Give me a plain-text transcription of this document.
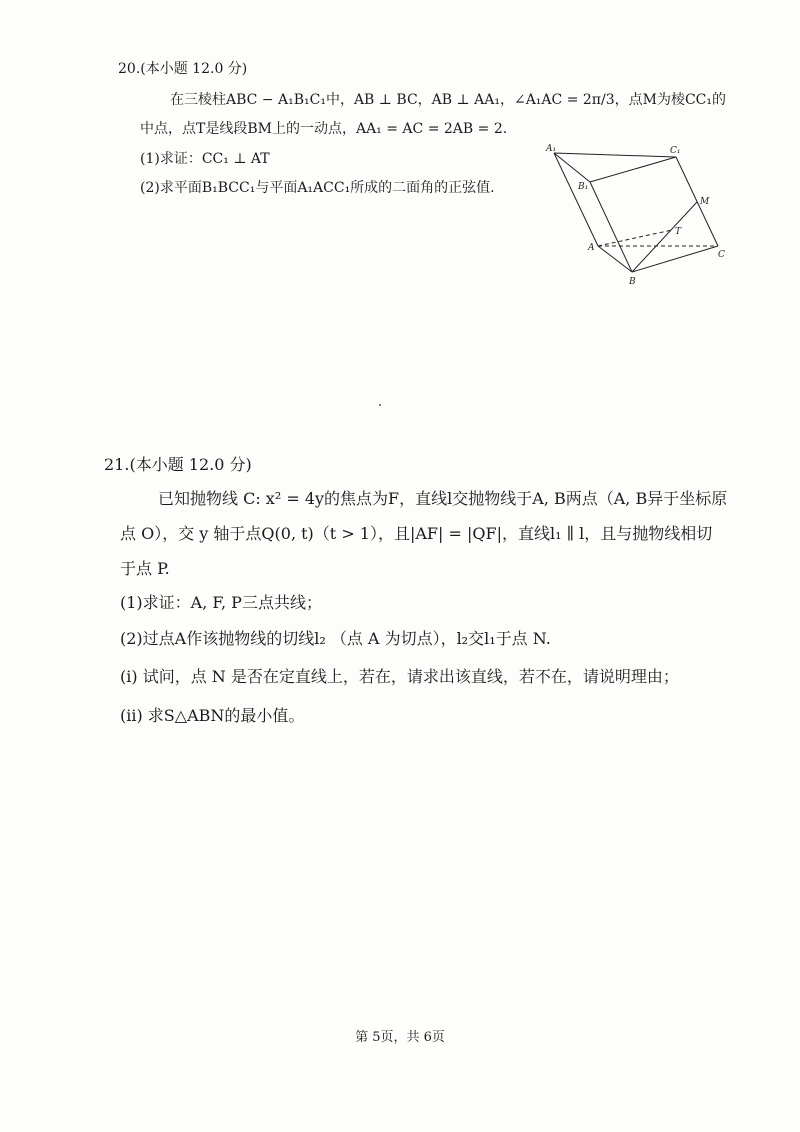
20.(本小题 12.0 分)
在三棱柱ABC − A₁B₁C₁中，AB ⊥ BC，AB ⊥ AA₁，∠A₁AC = 2π/3，点M为棱CC₁的
中点，点T是线段BM上的一动点，AA₁ = AC = 2AB = 2.
(1)求证：CC₁ ⊥ AT
(2)求平面B₁BCC₁与平面A₁ACC₁所成的二面角的正弦值.
A₁	C₁
B₁
M
T
A
C
B
21.(本小题 12.0 分)
已知抛物线 C: x² = 4y的焦点为F，直线l交抛物线于A, B两点（A, B异于坐标原
点 O），交 y 轴于点Q(0, t)（t > 1），且|AF| = |QF|，直线l₁ ∥ l，且与抛物线相切
于点 P.
(1)求证：A, F, P三点共线；
(2)过点A作该抛物线的切线l₂ （点 A 为切点），l₂交l₁于点 N.
(ⅰ) 试问，点 N 是否在定直线上，若在，请求出该直线，若不在，请说明理由；
(ⅱ) 求S△ABN的最小值。
第 5页，共 6页
